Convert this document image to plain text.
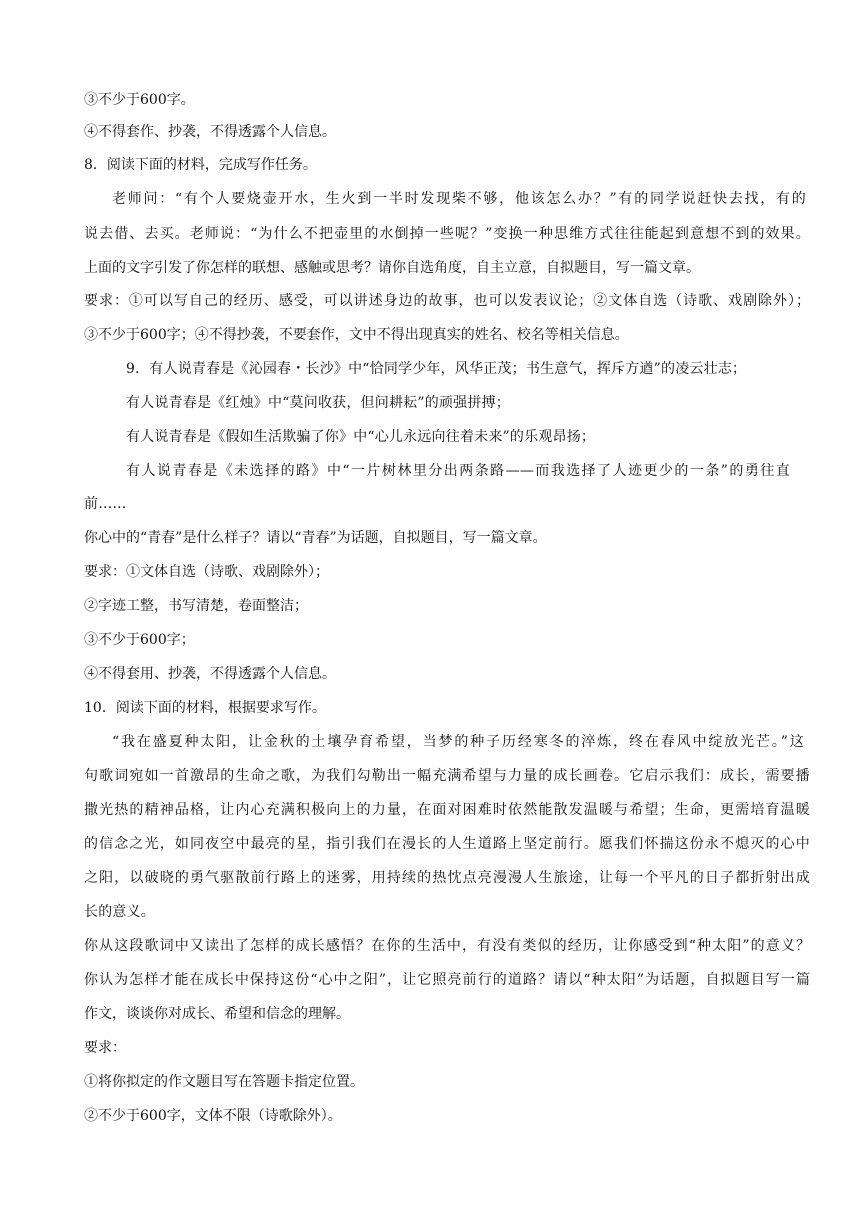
③不少于600字。
④不得套作、抄袭，不得透露个人信息。
8．阅读下面的材料，完成写作任务。
老师问：“有个人要烧壶开水，生火到一半时发现柴不够，他该怎么办？”有的同学说赶快去找，有的
说去借、去买。老师说：“为什么不把壶里的水倒掉一些呢？”变换一种思维方式往往能起到意想不到的效果。
上面的文字引发了你怎样的联想、感触或思考？请你自选角度，自主立意，自拟题目，写一篇文章。
要求：①可以写自己的经历、感受，可以讲述身边的故事，也可以发表议论；②文体自选（诗歌、戏剧除外）；
③不少于600字；④不得抄袭，不要套作，文中不得出现真实的姓名、校名等相关信息。
9．有人说青春是《沁园春・长沙》中“恰同学少年，风华正茂；书生意气，挥斥方遒”的凌云壮志；
有人说青春是《红烛》中“莫问收获，但问耕耘”的顽强拼搏；
有人说青春是《假如生活欺骗了你》中“心儿永远向往着未来”的乐观昂扬；
有人说青春是《未选择的路》中“一片树林里分出两条路——而我选择了人迹更少的一条”的勇往直
前……
你心中的“青春”是什么样子？请以“青春”为话题，自拟题目，写一篇文章。
要求：①文体自选（诗歌、戏剧除外）；
②字迹工整，书写清楚，卷面整洁；
③不少于600字；
④不得套用、抄袭，不得透露个人信息。
10．阅读下面的材料，根据要求写作。
“我在盛夏种太阳，让金秋的土壤孕育希望，当梦的种子历经寒冬的淬炼，终在春风中绽放光芒。”这
句歌词宛如一首激昂的生命之歌，为我们勾勒出一幅充满希望与力量的成长画卷。它启示我们：成长，需要播
撒光热的精神品格，让内心充满积极向上的力量，在面对困难时依然能散发温暖与希望；生命，更需培育温暖
的信念之光，如同夜空中最亮的星，指引我们在漫长的人生道路上坚定前行。愿我们怀揣这份永不熄灭的心中
之阳，以破晓的勇气驱散前行路上的迷雾，用持续的热忱点亮漫漫人生旅途，让每一个平凡的日子都折射出成
长的意义。
你从这段歌词中又读出了怎样的成长感悟？在你的生活中，有没有类似的经历，让你感受到“种太阳”的意义？
你认为怎样才能在成长中保持这份“心中之阳”，让它照亮前行的道路？请以“种太阳”为话题，自拟题目写一篇
作文，谈谈你对成长、希望和信念的理解。
要求：
①将你拟定的作文题目写在答题卡指定位置。
②不少于600字，文体不限（诗歌除外）。
